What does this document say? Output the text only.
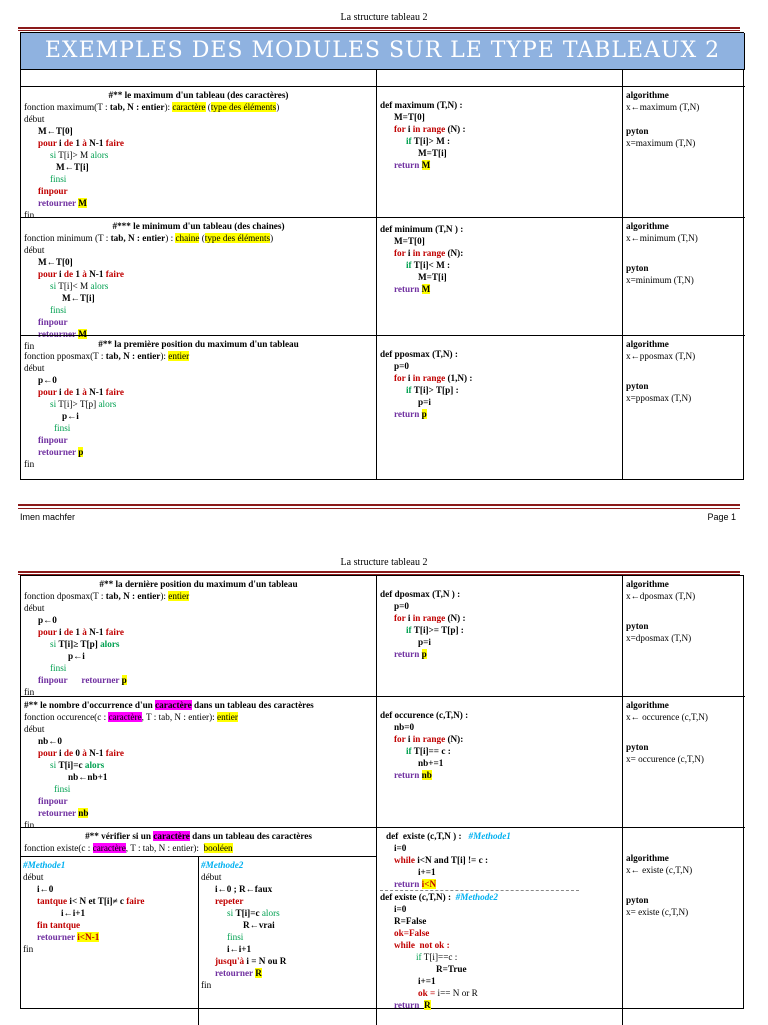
La structure tableau 2
EXEMPLES DES MODULES SUR LE TYPE TABLEAUX 2
#** le maximum d'un tableau (des caractères)
fonction maximum(T : tab, N : entier): caractère (type des éléments)
début
M←T[0]
pour i de 1 à N-1 faire
si T[i]> M alors
M←T[i]
finsi
finpour
retourner M
fin
def maximum (T,N) :
M=T[0]
for i in range (N) :
if T[i]> M :
M=T[i]
return M
algorithme
x←maximum (T,N)
pyton
x=maximum (T,N)
#*** le minimum d'un tableau (des chaines)
fonction minimum (T : tab, N : entier) : chaine (type des éléments)
début
M←T[0]
pour i de 1 à N-1 faire
si T[i]< M alors
M←T[i]
finsi
finpour
retourner M
fin
def minimum (T,N ) :
M=T[0]
for i in range (N):
if T[i]< M :
M=T[i]
return M
algorithme
x←minimum (T,N)
pyton
x=minimum (T,N)
#** la première position du maximum d'un tableau
fonction pposmax(T : tab, N : entier): entier
début
p←0
pour i de 1 à N-1 faire
si T[i]> T[p] alors
p←i
finsi
finpour
retourner p
fin
def pposmax (T,N) :
p=0
for i in range (1,N) :
if T[i]> T[p] :
p=i
return p
algorithme
x←pposmax (T,N)
pyton
x=pposmax (T,N)
Imen machfer	Page 1
La structure tableau 2
#** la dernière position du maximum d'un tableau
fonction dposmax(T : tab, N : entier): entier
début
p←0
pour i de 1 à N-1 faire
si T[i]≥ T[p] alors
p←i
finsi
finpour retourner p
fin
def dposmax (T,N ) :
p=0
for i in range (N) :
if T[i]>= T[p] :
p=i
return p
algorithme
x←dposmax (T,N)
pyton
x=dposmax (T,N)
#** le nombre d'occurrence d'un caractère dans un tableau des caractères
fonction occurence(c : caractère, T : tab, N : entier): entier
début
nb←0
pour i de 0 à N-1 faire
si T[i]=c alors
nb←nb+1
finsi
finpour
retourner nb
fin
def occurence (c,T,N) :
nb=0
for i in range (N):
if T[i]== c :
nb+=1
return nb
algorithme
x← occurence (c,T,N)
pyton
x= occurence (c,T,N)
#** vérifier si un caractère dans un tableau des caractères
fonction existe(c : caractère, T : tab, N : entier):  booléen
#Methode1
début
i←0
tantque i< N et T[i]≠ c faire
i←i+1
fin tantque
retourner i<N-1
fin
#Methode2
début
i←0 ; R←faux
repeter
si T[i]=c alors
R←vrai
finsi
i←i+1
jusqu'à i = N ou R
retourner R
fin
def  existe (c,T,N ) :   #Methode1
i=0
while i<N and T[i] != c :
i+=1
return i<N
def existe (c,T,N) :  #Methode2
i=0
R=False
ok=False
while  not ok :
if T[i]==c :
R=True
i+=1
ok = i== N or R
return  R
algorithme
x← existe (c,T,N)
pyton
x= existe (c,T,N)
